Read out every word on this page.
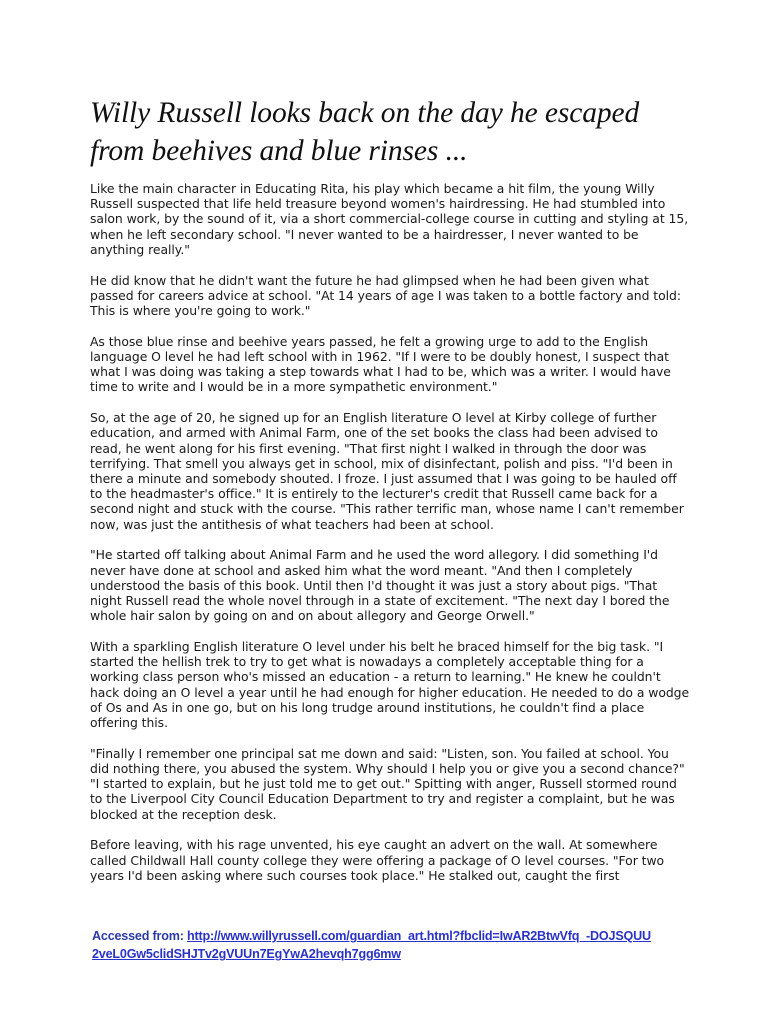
Willy Russell looks back on the day he escaped from beehives and blue rinses ...

Like the main character in Educating Rita, his play which became a hit film, the young Willy Russell suspected that life held treasure beyond women's hairdressing. He had stumbled into salon work, by the sound of it, via a short commercial-college course in cutting and styling at 15, when he left secondary school. "I never wanted to be a hairdresser, I never wanted to be anything really."

He did know that he didn't want the future he had glimpsed when he had been given what passed for careers advice at school. "At 14 years of age I was taken to a bottle factory and told: This is where you're going to work."

As those blue rinse and beehive years passed, he felt a growing urge to add to the English language O level he had left school with in 1962. "If I were to be doubly honest, I suspect that what I was doing was taking a step towards what I had to be, which was a writer. I would have time to write and I would be in a more sympathetic environment."

So, at the age of 20, he signed up for an English literature O level at Kirby college of further education, and armed with Animal Farm, one of the set books the class had been advised to read, he went along for his first evening. "That first night I walked in through the door was terrifying. That smell you always get in school, mix of disinfectant, polish and piss. "I'd been in there a minute and somebody shouted. I froze. I just assumed that I was going to be hauled off to the headmaster's office." It is entirely to the lecturer's credit that Russell came back for a second night and stuck with the course. "This rather terrific man, whose name I can't remember now, was just the antithesis of what teachers had been at school.

"He started off talking about Animal Farm and he used the word allegory. I did something I'd never have done at school and asked him what the word meant. "And then I completely understood the basis of this book. Until then I'd thought it was just a story about pigs. "That night Russell read the whole novel through in a state of excitement. "The next day I bored the whole hair salon by going on and on about allegory and George Orwell."

With a sparkling English literature O level under his belt he braced himself for the big task. "I started the hellish trek to try to get what is nowadays a completely acceptable thing for a working class person who's missed an education - a return to learning." He knew he couldn't hack doing an O level a year until he had enough for higher education. He needed to do a wodge of Os and As in one go, but on his long trudge around institutions, he couldn't find a place offering this.

"Finally I remember one principal sat me down and said: "Listen, son. You failed at school. You did nothing there, you abused the system. Why should I help you or give you a second chance?" "I started to explain, but he just told me to get out." Spitting with anger, Russell stormed round to the Liverpool City Council Education Department to try and register a complaint, but he was blocked at the reception desk.

Before leaving, with his rage unvented, his eye caught an advert on the wall. At somewhere called Childwall Hall county college they were offering a package of O level courses. "For two years I'd been asking where such courses took place." He stalked out, caught the first

Accessed from: http://www.willyrussell.com/guardian_art.html?fbclid=IwAR2BtwVfq_-DOJSQUU2veL0Gw5clidSHJTv2gVUUn7EgYwA2hevqh7gg6mw
